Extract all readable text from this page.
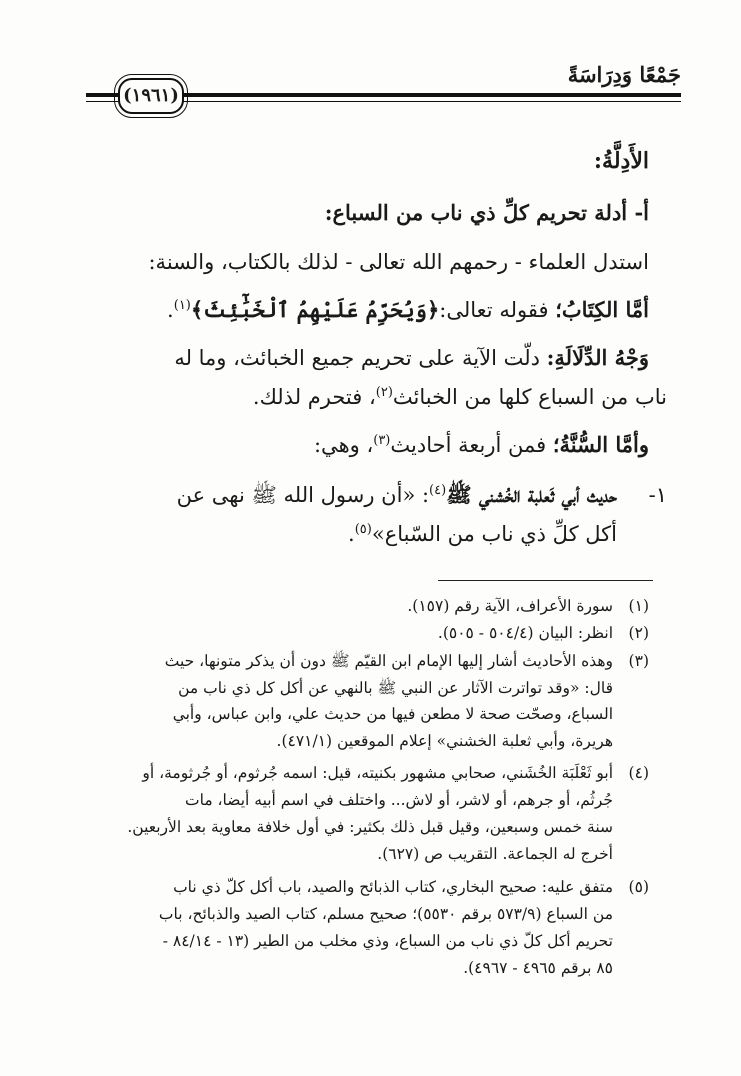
جَمْعًا وَدِرَاسَةً
(١٩٦١)
الأَدِلَّةُ:
أ- أدلة تحريم كلِّ ذي ناب من السباع:
استدل العلماء - رحمهم الله تعالى - لذلك بالكتاب، والسنة:
أمَّا الكِتَابُ؛ فقوله تعالى:﴿وَيُحَرِّمُ عَلَيْهِمُ ٱلْخَبَٰٓئِثَ﴾$^{(١)}$.
وَجْهُ الدِّلَالَةِ: دلّت الآية على تحريم جميع الخبائث، وما له
ناب من السباع كلها من الخبائث$^{(٢)}$، فتحرم لذلك.
وأمَّا السُّنَّةُ؛ فمن أربعة أحاديث$^{(٣)}$، وهي:
١-حديث أبي ثَعلبة الخُشني ﷺ$^{(٤)}$: «أن رسول الله ﷺ نهى عن
أكل كلِّ ذي ناب من السّباع»$^{(٥)}$.
(١)سورة الأعراف، الآية رقم (١٥٧).
(٢)انظر: البيان (٥٠٤/٤ - ٥٠٥).
(٣)وهذه الأحاديث أشار إليها الإمام ابن القيّم ﷺ دون أن يذكر متونها، حيث
قال: «وقد تواترت الآثار عن النبي ﷺ بالنهي عن أكل كل ذي ناب من
السباع، وصحّت صحة لا مطعن فيها من حديث علي، وابن عباس، وأبي
هريرة، وأبي ثعلبة الخشني» إعلام الموقعين (٤٧١/١).
(٤)أبو ثَعْلَبَة الخُشَني، صحابي مشهور بكنيته، قيل: اسمه جُرثوم، أو جُرثومة، أو
جُرثُم، أو جرهم، أو لاشر، أو لاش... واختلف في اسم أبيه أيضا، مات
سنة خمس وسبعين، وقيل قبل ذلك بكثير: في أول خلافة معاوية بعد الأربعين.
أخرج له الجماعة. التقريب ص (٦٢٧).
(٥)متفق عليه: صحيح البخاري، كتاب الذبائح والصيد، باب أكل كلّ ذي ناب
من السباع (٥٧٣/٩ برقم ٥٥٣٠)؛ صحيح مسلم، كتاب الصيد والذبائح، باب
تحريم أكل كلّ ذي ناب من السباع، وذي مخلب من الطير (١٣ - ٨٤/١٤ -
٨٥ برقم ٤٩٦٥ - ٤٩٦٧).
